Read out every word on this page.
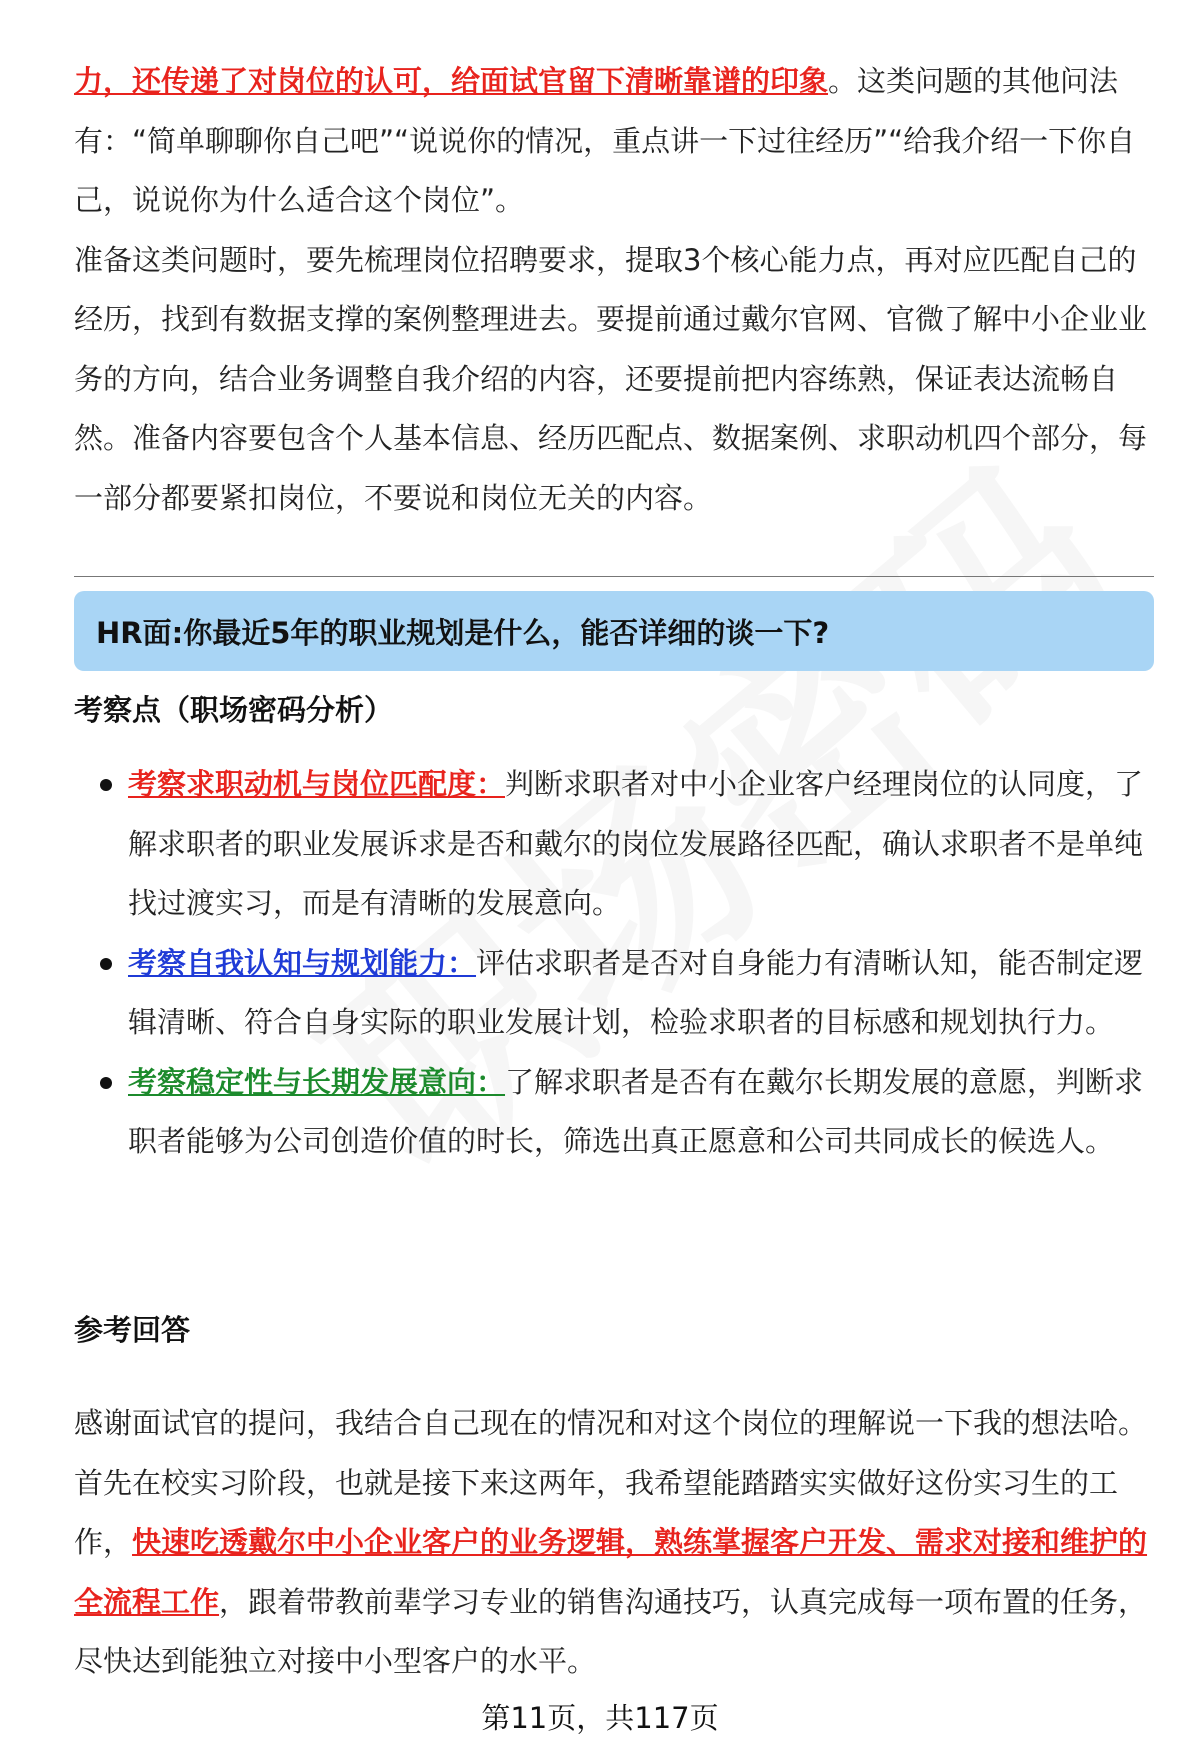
力，还传递了对岗位的认可，给面试官留下清晰靠谱的印象。这类问题的其他问法有：“简单聊聊你自己吧”“说说你的情况，重点讲一下过往经历”“给我介绍一下你自己，说说你为什么适合这个岗位”。

准备这类问题时，要先梳理岗位招聘要求，提取3个核心能力点，再对应匹配自己的经历，找到有数据支撑的案例整理进去。要提前通过戴尔官网、官微了解中小企业业务的方向，结合业务调整自我介绍的内容，还要提前把内容练熟，保证表达流畅自然。准备内容要包含个人基本信息、经历匹配点、数据案例、求职动机四个部分，每一部分都要紧扣岗位，不要说和岗位无关的内容。

HR面:你最近5年的职业规划是什么，能否详细的谈一下?
考察点（职场密码分析）
考察求职动机与岗位匹配度：判断求职者对中小企业客户经理岗位的认同度，了解求职者的职业发展诉求是否和戴尔的岗位发展路径匹配，确认求职者不是单纯找过渡实习，而是有清晰的发展意向。
考察自我认知与规划能力：评估求职者是否对自身能力有清晰认知，能否制定逻辑清晰、符合自身实际的职业发展计划，检验求职者的目标感和规划执行力。
考察稳定性与长期发展意向：了解求职者是否有在戴尔长期发展的意愿，判断求职者能够为公司创造价值的时长，筛选出真正愿意和公司共同成长的候选人。
参考回答

感谢面试官的提问，我结合自己现在的情况和对这个岗位的理解说一下我的想法哈。首先在校实习阶段，也就是接下来这两年，我希望能踏踏实实做好这份实习生的工作，快速吃透戴尔中小企业客户的业务逻辑，熟练掌握客户开发、需求对接和维护的全流程工作，跟着带教前辈学习专业的销售沟通技巧，认真完成每一项布置的任务，尽快达到能独立对接中小型客户的水平。

第11页，共117页
